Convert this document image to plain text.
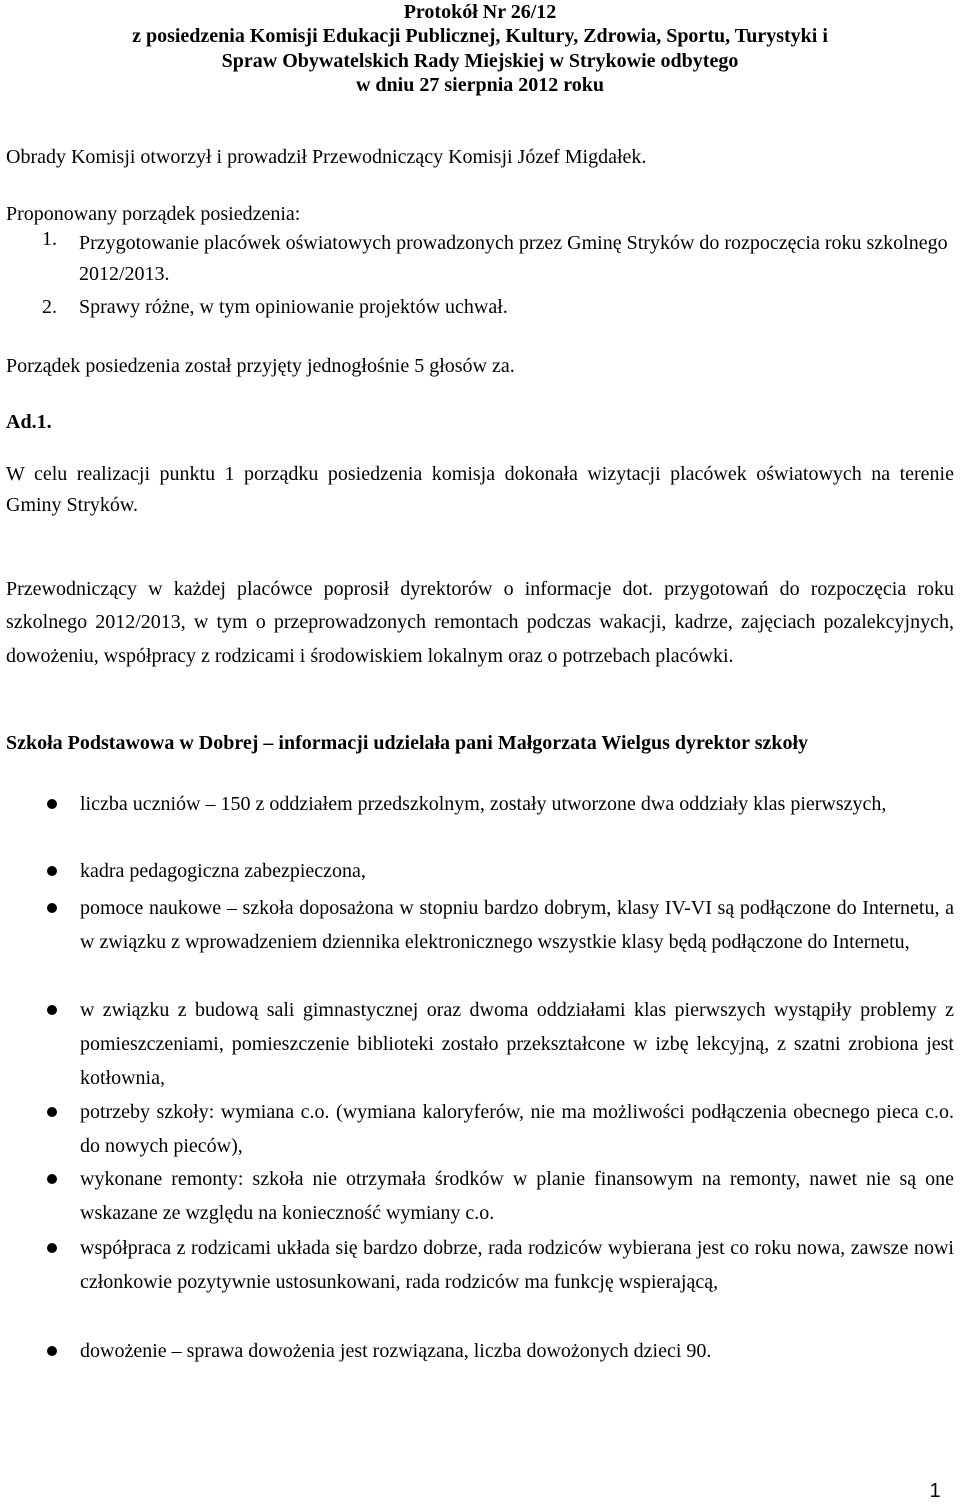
Protokół Nr 26/12

z posiedzenia Komisji Edukacji Publicznej, Kultury, Zdrowia, Sportu, Turystyki i

Spraw Obywatelskich Rady Miejskiej w Strykowie odbytego

w dniu 27 sierpnia 2012 roku

Obrady Komisji otworzył i prowadził Przewodniczący Komisji Józef Migdałek.
Proponowany porządek posiedzenia:
1.	Przygotowanie placówek oświatowych prowadzonych przez Gminę Stryków do rozpoczęcia roku szkolnego 2012/2013.
2.	Sprawy różne, w tym opiniowanie projektów uchwał.
Porządek posiedzenia został przyjęty jednogłośnie 5 głosów za.
Ad.1.
W celu realizacji punktu 1 porządku posiedzenia komisja dokonała wizytacji placówek oświatowych na terenie Gminy Stryków.
Przewodniczący w każdej placówce poprosił dyrektorów o informacje dot. przygotowań do rozpoczęcia roku szkolnego 2012/2013, w tym o przeprowadzonych remontach podczas wakacji, kadrze, zajęciach pozalekcyjnych, dowożeniu, współpracy z rodzicami i środowiskiem lokalnym oraz o potrzebach placówki.
Szkoła Podstawowa w Dobrej – informacji udzielała pani Małgorzata Wielgus dyrektor szkoły
liczba uczniów – 150 z oddziałem przedszkolnym, zostały utworzone dwa oddziały klas pierwszych,
kadra pedagogiczna zabezpieczona,
pomoce naukowe – szkoła doposażona w stopniu bardzo dobrym, klasy IV-VI są podłączone do Internetu, a w związku z wprowadzeniem dziennika elektronicznego wszystkie klasy będą podłączone do Internetu,
w związku z budową sali gimnastycznej oraz dwoma oddziałami klas pierwszych wystąpiły problemy z pomieszczeniami, pomieszczenie biblioteki zostało przekształcone w izbę lekcyjną, z szatni zrobiona jest kotłownia,
potrzeby szkoły: wymiana c.o. (wymiana kaloryferów, nie ma możliwości podłączenia obecnego pieca c.o. do nowych pieców),
wykonane remonty: szkoła nie otrzymała środków w planie finansowym na remonty, nawet nie są one wskazane ze względu na konieczność wymiany c.o.
współpraca z rodzicami układa się bardzo dobrze, rada rodziców wybierana jest co roku nowa, zawsze nowi członkowie pozytywnie ustosunkowani, rada rodziców ma funkcję wspierającą,
dowożenie – sprawa dowożenia jest rozwiązana, liczba dowożonych dzieci 90.
1
